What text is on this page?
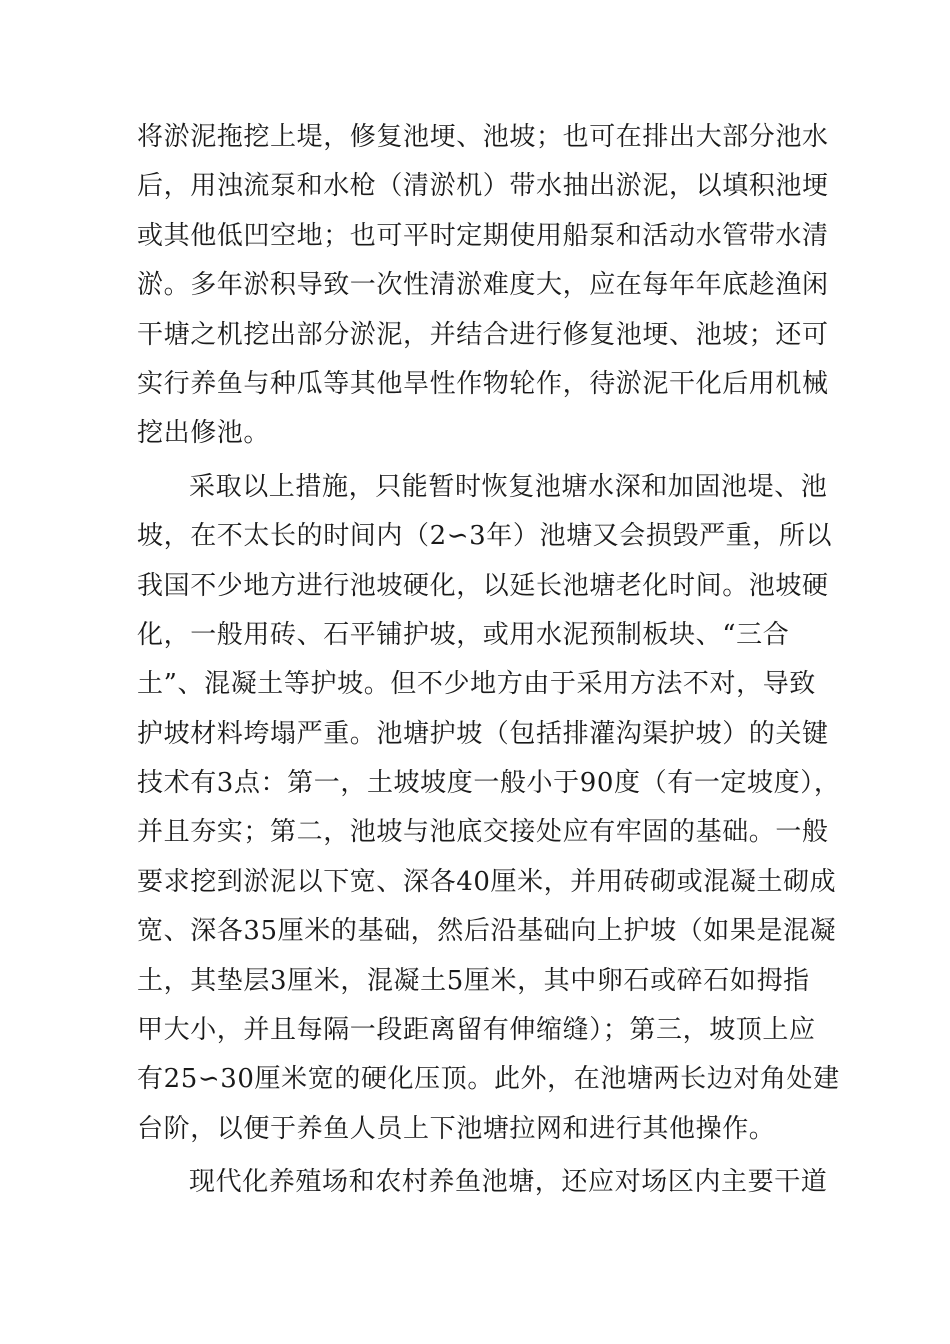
将淤泥拖挖上堤，修复池埂、池坡；也可在排出大部分池水
后，用浊流泵和水枪（清淤机）带水抽出淤泥，以填积池埂
或其他低凹空地；也可平时定期使用船泵和活动水管带水清
淤。多年淤积导致一次性清淤难度大，应在每年年底趁渔闲
干塘之机挖出部分淤泥，并结合进行修复池埂、池坡；还可
实行养鱼与种瓜等其他旱性作物轮作，待淤泥干化后用机械
挖出修池。
采取以上措施，只能暂时恢复池塘水深和加固池堤、池
坡，在不太长的时间内（2∽3年）池塘又会损毁严重，所以
我国不少地方进行池坡硬化，以延长池塘老化时间。池坡硬
化，一般用砖、石平铺护坡，或用水泥预制板块、“三合
土”、混凝土等护坡。但不少地方由于采用方法不对，导致
护坡材料垮塌严重。池塘护坡（包括排灌沟渠护坡）的关键
技术有3点：第一，土坡坡度一般小于90度（有一定坡度），
并且夯实；第二，池坡与池底交接处应有牢固的基础。一般
要求挖到淤泥以下宽、深各40厘米，并用砖砌或混凝土砌成
宽、深各35厘米的基础，然后沿基础向上护坡（如果是混凝
土，其垫层3厘米，混凝土5厘米，其中卵石或碎石如拇指
甲大小，并且每隔一段距离留有伸缩缝）；第三，坡顶上应
有25∽30厘米宽的硬化压顶。此外，在池塘两长边对角处建
台阶，以便于养鱼人员上下池塘拉网和进行其他操作。
现代化养殖场和农村养鱼池塘，还应对场区内主要干道
